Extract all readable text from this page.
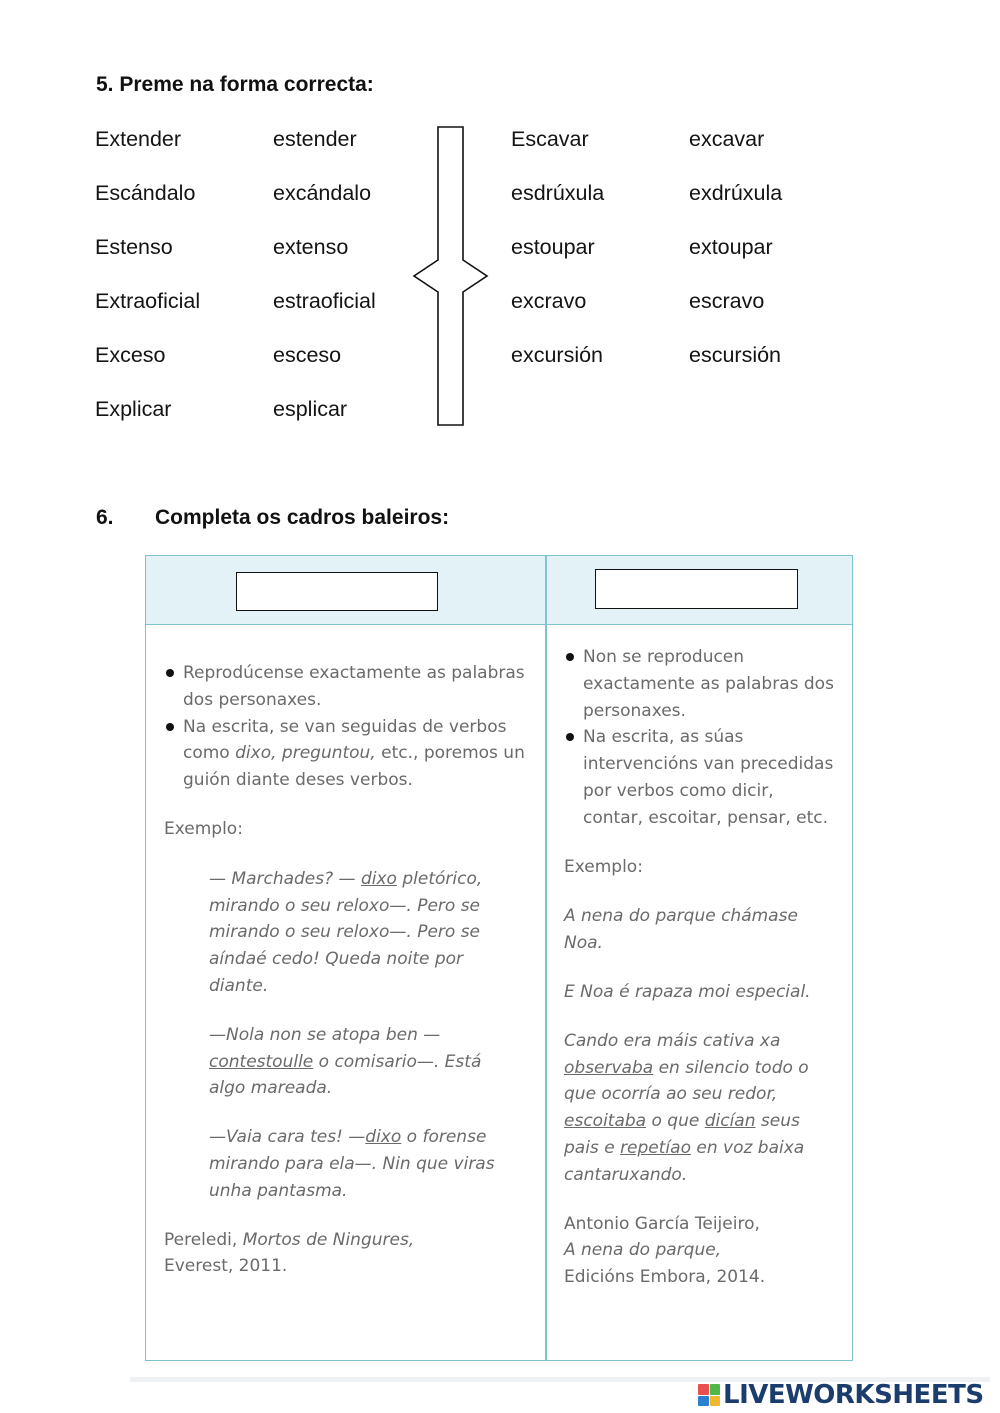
5. Preme na forma correcta:
Extender	estender
Escándalo	excándalo
Estenso	extenso
Extraoficial	estraoficial
Exceso	esceso
Explicar	esplicar
Escavar	excavar
esdrúxula	exdrúxula
estoupar	extoupar
excravo	escravo
excursión	escursión
6. Completa os cadros baleiros:
Reprodúcense exactamente as palabras dos personaxes.
Na escrita, se van seguidas de verbos como dixo, preguntou, etc., poremos un guión diante deses verbos.

Exemplo:

— Marchades? — dixo pletórico, mirando o seu reloxo—. Pero se mirando o seu reloxo—. Pero se aíndaé cedo! Queda noite por diante.

—Nola non se atopa ben —contestoulle o comisario—. Está algo mareada.

—Vaia cara tes! —dixo o forense mirando para ela—. Nin que viras unha pantasma.

Pereledi, Mortos de Ningures, Everest, 2011.

Non se reproducen exactamente as palabras dos personaxes.
Na escrita, as súas intervencións van precedidas por verbos como dicir, contar, escoitar, pensar, etc.

Exemplo:

A nena do parque chámase Noa.

E Noa é rapaza moi especial.

Cando era máis cativa xa observaba en silencio todo o que ocorría ao seu redor, escoitaba o que dicían seus pais e repetíao en voz baixa cantaruxando.

Antonio García Teijeiro,
A nena do parque,
Edicións Embora, 2014.

LIVEWORKSHEETS
